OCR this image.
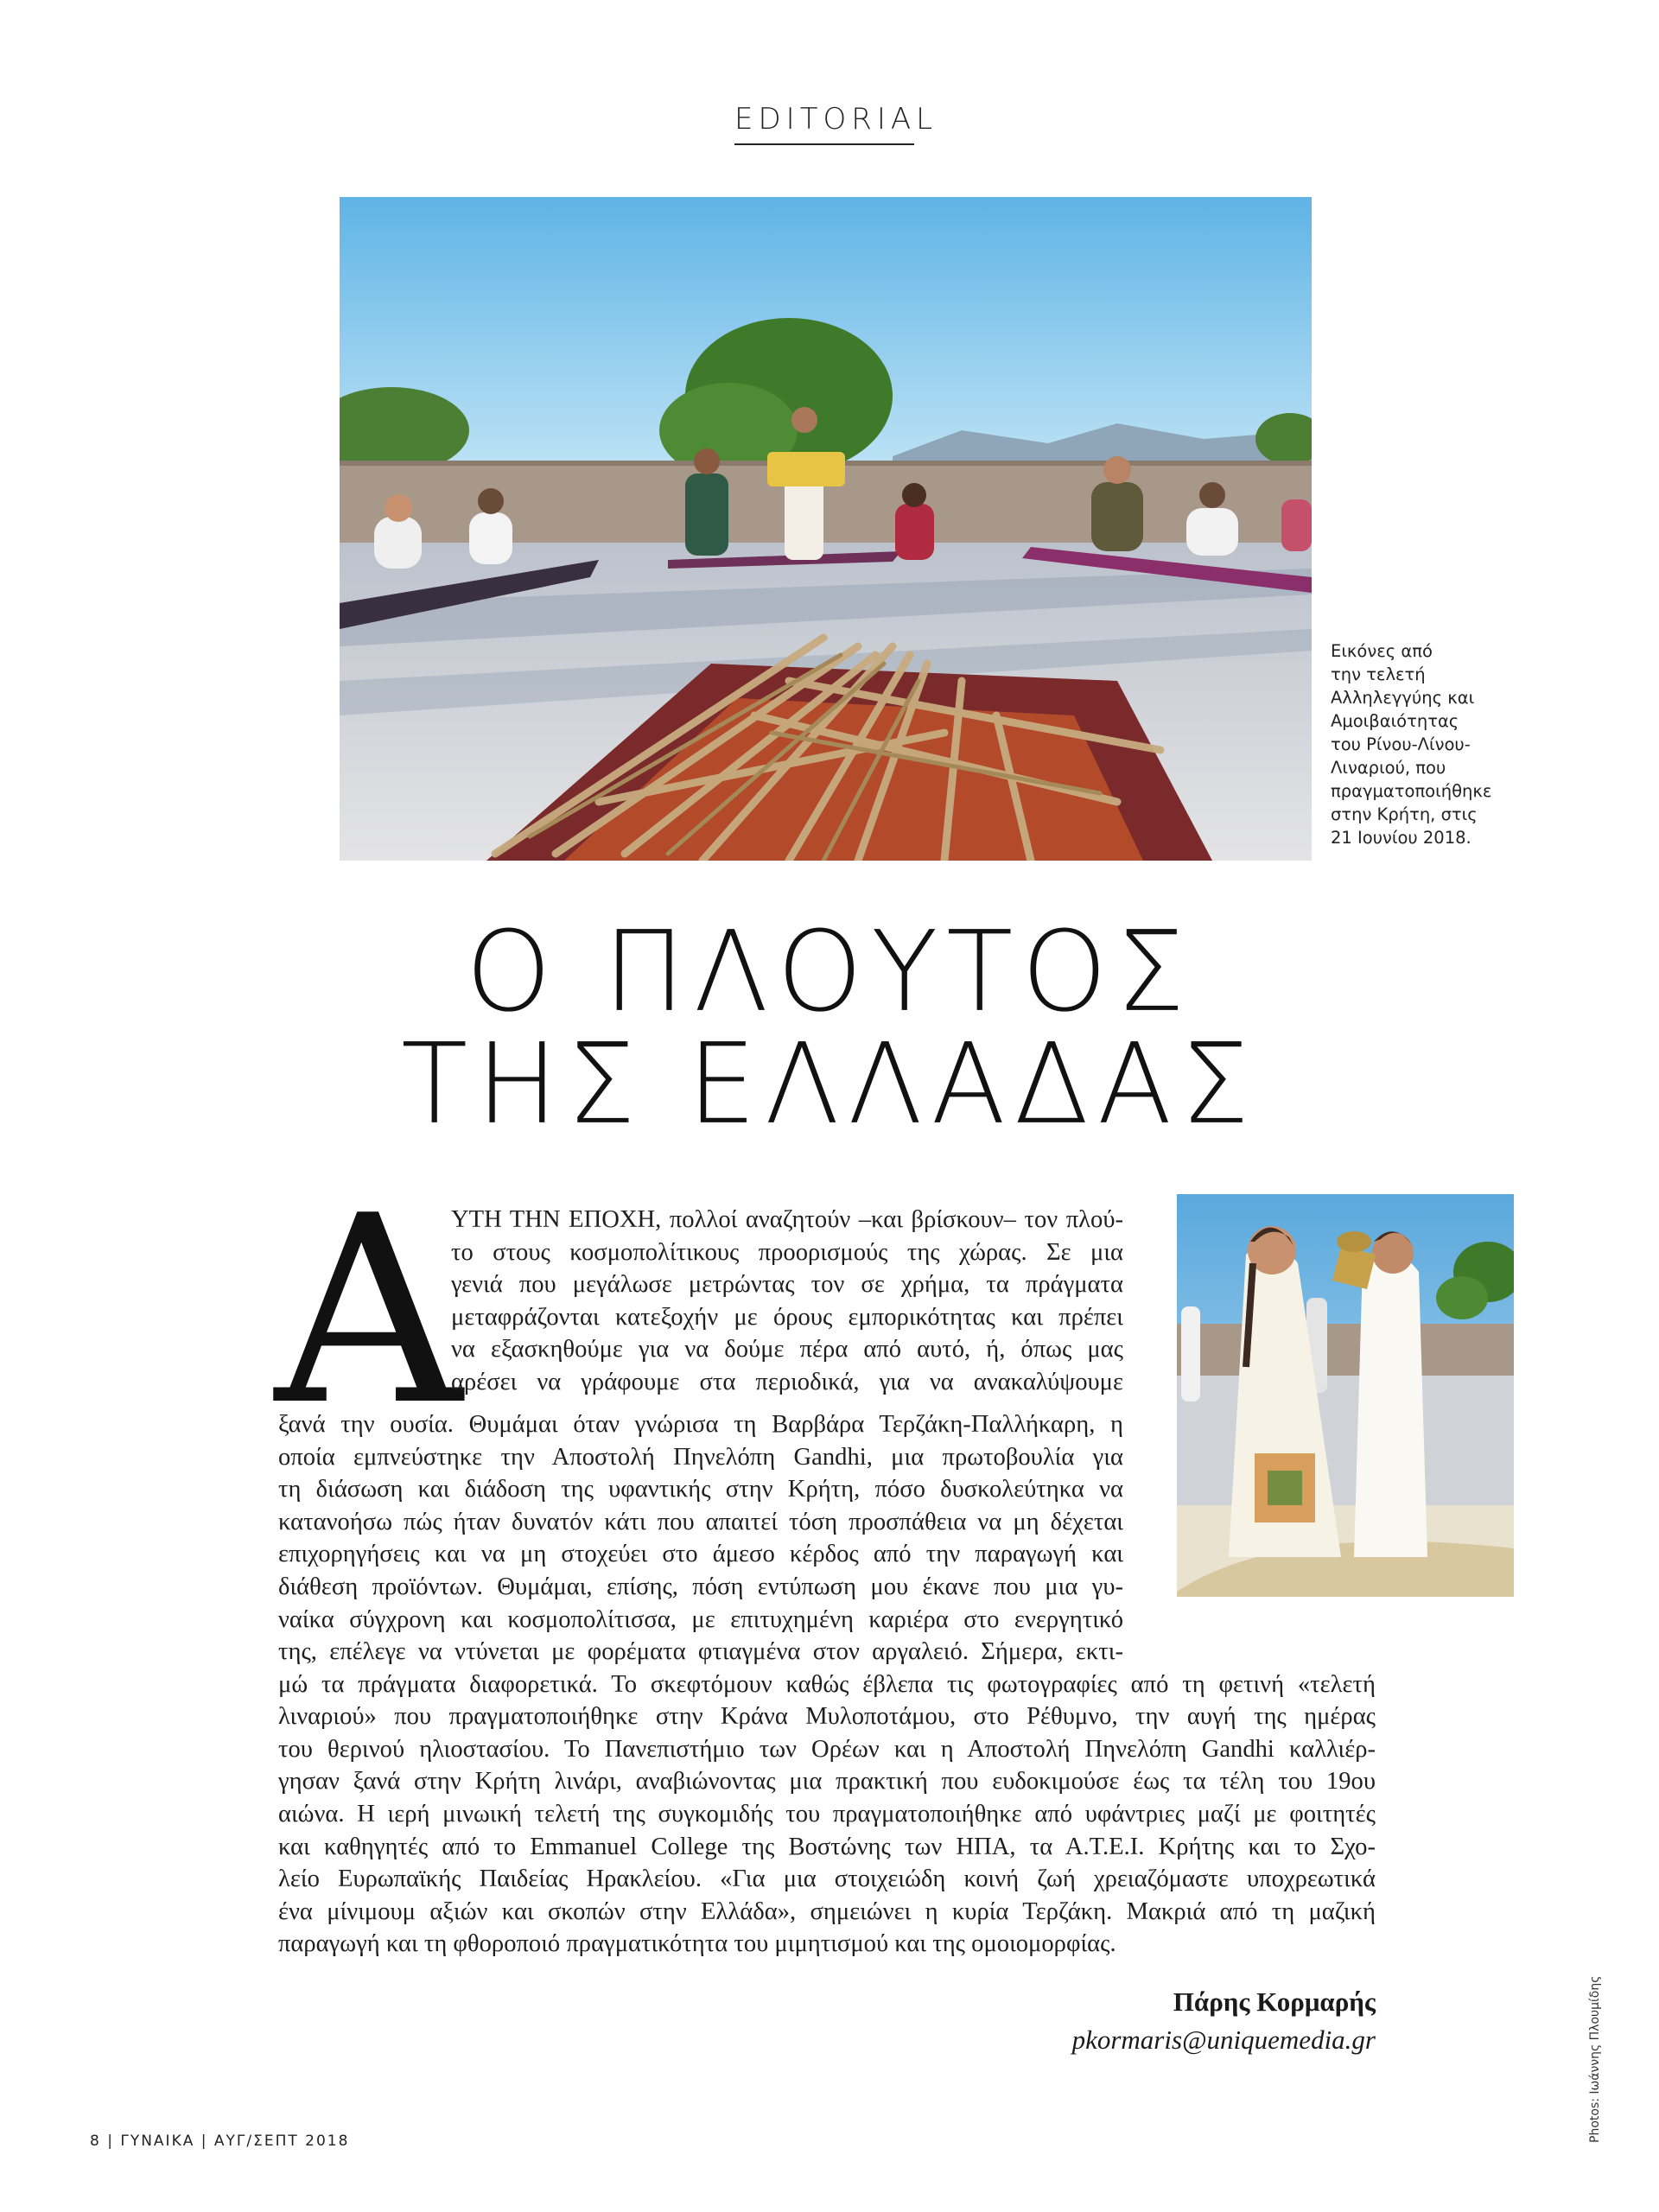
EDITORIAL
Εικόνες από
την τελετή
Αλληλεγγύης και
Αμοιβαιότητας
του Ρίνου-Λίνου-
Λιναριού, που
πραγματοποιήθηκε
στην Κρήτη, στις
21 Ιουνίου 2018.
Ο ΠΛΟΥΤΟΣ
ΤΗΣ ΕΛΛΑΔΑΣ
Α
ΥΤΗ ΤΗΝ ΕΠΟΧΗ, πολλοί αναζητούν –και βρίσκουν– τον πλού-
το στους κοσμοπολίτικους προορισμούς της χώρας. Σε μια
γενιά που μεγάλωσε μετρώντας τον σε χρήμα, τα πράγματα
μεταφράζονται κατεξοχήν με όρους εμπορικότητας και πρέπει
να εξασκηθούμε για να δούμε πέρα από αυτό, ή, όπως μας
αρέσει να γράφουμε στα περιοδικά, για να ανακαλύψουμε
ξανά την ουσία. Θυμάμαι όταν γνώρισα τη Βαρβάρα Τερζάκη-Παλλήκαρη, η
οποία εμπνεύστηκε την Αποστολή Πηνελόπη Gandhi, μια πρωτοβουλία για
τη διάσωση και διάδοση της υφαντικής στην Κρήτη, πόσο δυσκολεύτηκα να
κατανοήσω πώς ήταν δυνατόν κάτι που απαιτεί τόση προσπάθεια να μη δέχεται
επιχορηγήσεις και να μη στοχεύει στο άμεσο κέρδος από την παραγωγή και
διάθεση προϊόντων. Θυμάμαι, επίσης, πόση εντύπωση μου έκανε που μια γυ-
ναίκα σύγχρονη και κοσμοπολίτισσα, με επιτυχημένη καριέρα στο ενεργητικό
της, επέλεγε να ντύνεται με φορέματα φτιαγμένα στον αργαλειό. Σήμερα, εκτι-
μώ τα πράγματα διαφορετικά. Το σκεφτόμουν καθώς έβλεπα τις φωτογραφίες από τη φετινή «τελετή
λιναριού» που πραγματοποιήθηκε στην Κράνα Μυλοποτάμου, στο Ρέθυμνο, την αυγή της ημέρας
του θερινού ηλιοστασίου. Το Πανεπιστήμιο των Ορέων και η Αποστολή Πηνελόπη Gandhi καλλιέρ-
γησαν ξανά στην Κρήτη λινάρι, αναβιώνοντας μια πρακτική που ευδοκιμούσε έως τα τέλη του 19ου
αιώνα. Η ιερή μινωική τελετή της συγκομιδής του πραγματοποιήθηκε από υφάντριες μαζί με φοιτητές
και καθηγητές από το Emmanuel College της Βοστώνης των ΗΠΑ, τα Α.Τ.Ε.Ι. Κρήτης και το Σχο-
λείο Ευρωπαϊκής Παιδείας Ηρακλείου. «Για μια στοιχειώδη κοινή ζωή χρειαζόμαστε υποχρεωτικά
ένα μίνιμουμ αξιών και σκοπών στην Ελλάδα», σημειώνει η κυρία Τερζάκη. Μακριά από τη μαζική
παραγωγή και τη φθοροποιό πραγματικότητα του μιμητισμού και της ομοιομορφίας.
Πάρης Κορμαρής
pkormaris@uniquemedia.gr	Photos: Ιωάννης Πλουμίδης
8 | ΓΥΝΑΙΚΑ | ΑΥΓ/ΣΕΠΤ 2018
